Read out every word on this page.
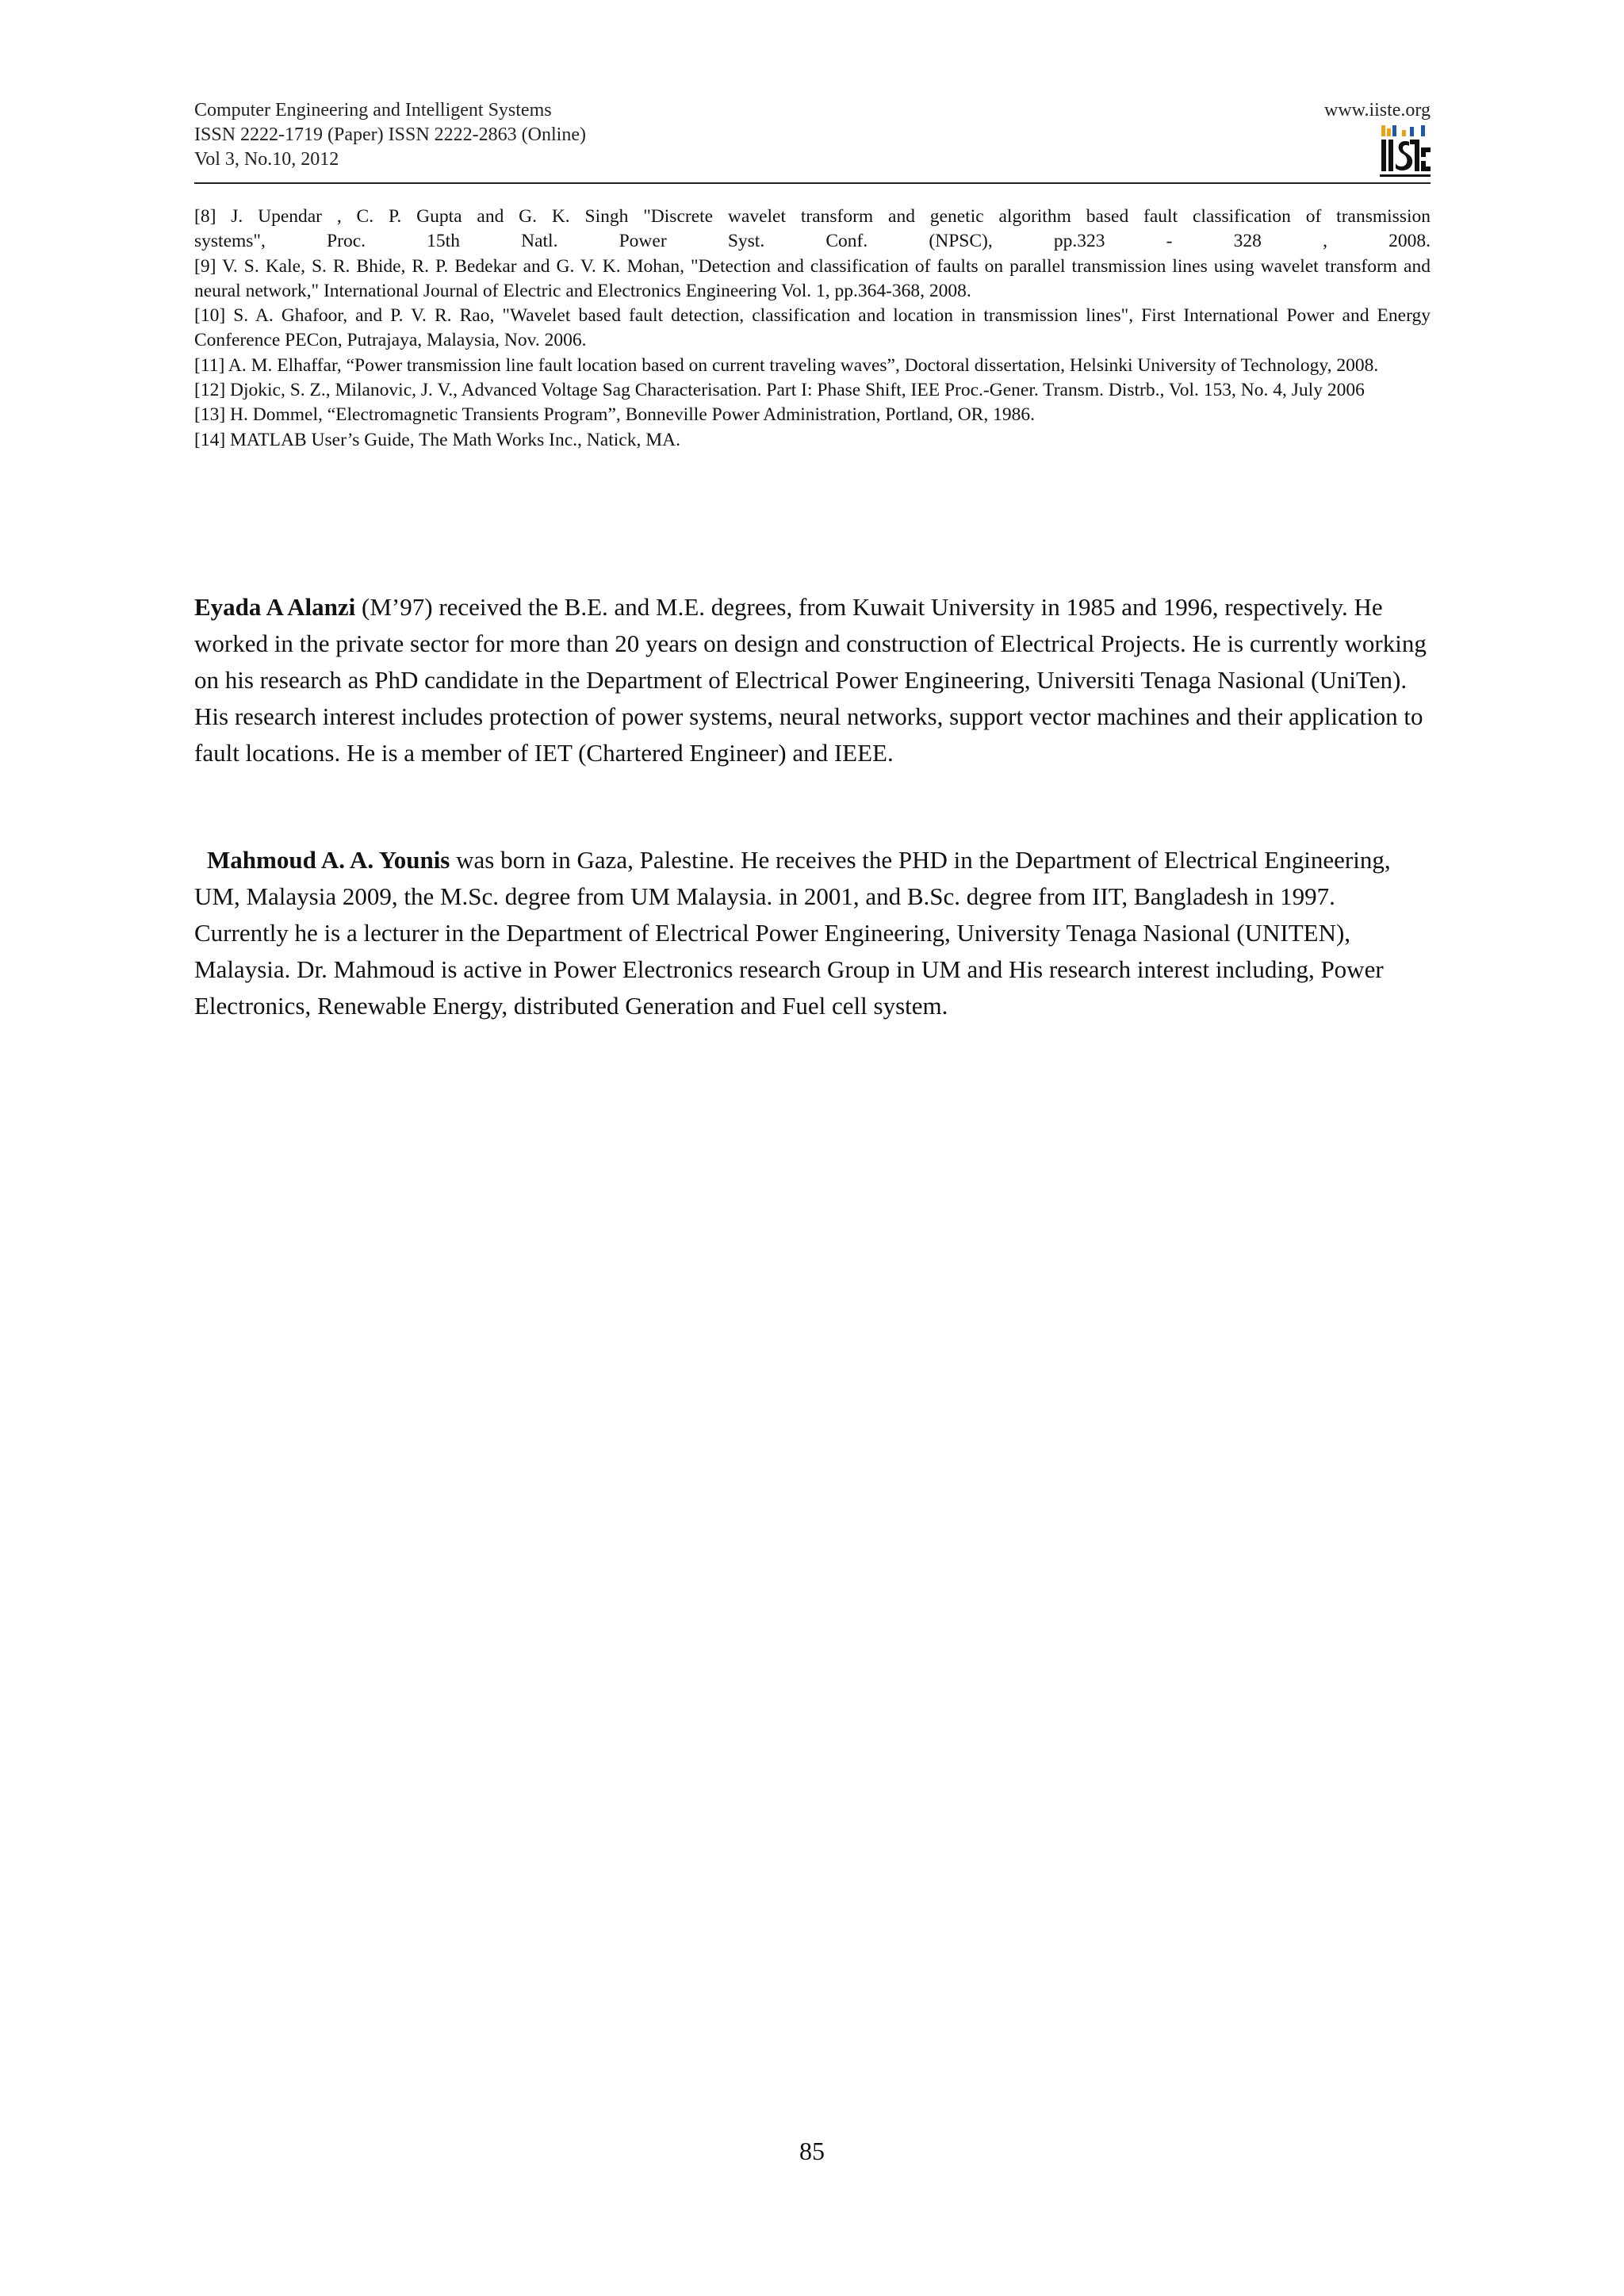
Computer Engineering and Intelligent Systems
ISSN 2222-1719 (Paper) ISSN 2222-2863 (Online)
Vol 3, No.10, 2012
www.iiste.org

[8] J. Upendar , C. P. Gupta and G. K. Singh "Discrete wavelet transform and genetic algorithm based fault classification of transmission

systems", Proc. 15th Natl. Power Syst. Conf. (NPSC), pp.323 - 328 , 2008.

[9] V. S. Kale, S. R. Bhide, R. P. Bedekar and G. V. K. Mohan, "Detection and classification of faults on parallel transmission lines using wavelet transform and neural network," International Journal of Electric and Electronics Engineering Vol. 1, pp.364-368, 2008.

[10] S. A. Ghafoor, and P. V. R. Rao, "Wavelet based fault detection, classification and location in transmission lines", First International Power and Energy Conference PECon, Putrajaya, Malaysia, Nov. 2006.

[11] A. M. Elhaffar, “Power transmission line fault location based on current traveling waves”, Doctoral dissertation, Helsinki University of Technology, 2008.

[12] Djokic, S. Z., Milanovic, J. V., Advanced Voltage Sag Characterisation. Part I: Phase Shift, IEE Proc.-Gener. Transm. Distrb., Vol. 153, No. 4, July 2006

[13] H. Dommel, “Electromagnetic Transients Program”, Bonneville Power Administration, Portland, OR, 1986.

[14] MATLAB User’s Guide, The Math Works Inc., Natick, MA.

Eyada A Alanzi (M’97) received the B.E. and M.E. degrees, from Kuwait University in 1985 and 1996, respectively. He worked in the private sector for more than 20 years on design and construction of Electrical Projects. He is currently working on his research as PhD candidate in the Department of Electrical Power Engineering, Universiti Tenaga Nasional (UniTen). His research interest includes protection of power systems, neural networks, support vector machines and their application to fault locations. He is a member of IET (Chartered Engineer) and IEEE.

Mahmoud A. A. Younis was born in Gaza, Palestine. He receives the PHD in the Department of Electrical Engineering, UM, Malaysia 2009, the M.Sc. degree from UM Malaysia. in 2001, and B.Sc. degree from IIT, Bangladesh in 1997. Currently he is a lecturer in the Department of Electrical Power Engineering, University Tenaga Nasional (UNITEN), Malaysia. Dr. Mahmoud is active in Power Electronics research Group in UM and His research interest including, Power Electronics, Renewable Energy, distributed Generation and Fuel cell system.

85
